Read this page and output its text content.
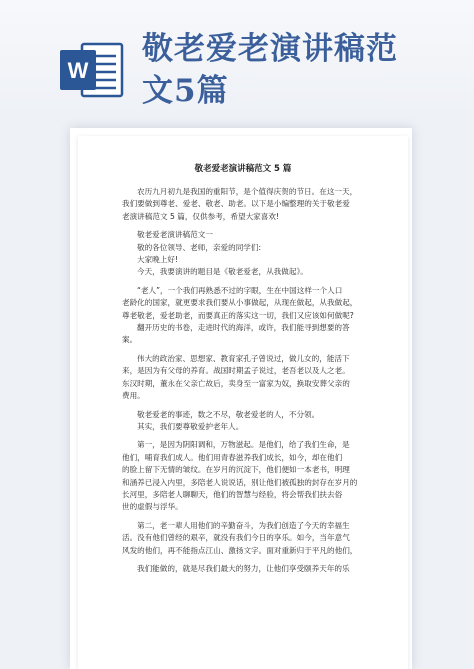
W
敬老爱老演讲稿范
文5篇
敬老爱老演讲稿范文 5 篇

农历九月初九是我国的重阳节，是个值得庆贺的节日。在这一天，

我们要做到尊老、爱老、敬老、助老。以下是小编整理的关于敬老爱

老演讲稿范文 5 篇，仅供参考，希望大家喜欢!

敬老爱老演讲稿范文一

敬的各位领导、老师，亲爱的同学们:

大家晚上好!

今天，我要演讲的题目是《敬老爱老，从我做起》。

“老人”，一个我们再熟悉不过的字眼，生在中国这样一个人口

老龄化的国家，就更要求我们要从小事做起，从现在做起，从我做起，

尊老敬老，爱老助老，而要真正的落实这一切，我们又应该如何做呢?

翻开历史的书卷，走进时代的海洋，或许，我们能寻到想要的答

案。

伟大的政治家、思想家、教育家孔子曾说过，做儿女的，能活下

来，是因为有父母的养育。战国时期孟子说过，老吾老以及人之老。

东汉时期，董永在父亲亡故后，卖身至一富家为奴，换取安葬父亲的

费用。

敬老爱老的事迹，数之不尽，敬老爱老的人，不分领。

其实，我们要尊敬爱护老年人。

第一，是因为阴阳调和，万物滋起。是他们，给了我们生命，是

他们，哺育我们成人。他们用青春滋养我们成长，如今，却在他们

的脸上留下无情的皱纹。在岁月的沉淀下，他们便如一本老书，明理

和涵养已浸入内里，多陪老人说说话，别让他们被孤独的封存在岁月的

长河里，多陪老人聊聊天，他们的智慧与经验，将会帮我们扶去俗

世的虚假与浮华。

第二，老一辈人用他们的辛勤奋斗，为我们创造了今天的幸福生

活。没有他们曾经的艰辛，就没有我们今日的享乐。如今，当年意气

风发的他们，再不能指点江山、激扬文字。面对重新归于平凡的他们，

我们能做的，就是尽我们最大的努力，让他们享受颐养天年的乐
